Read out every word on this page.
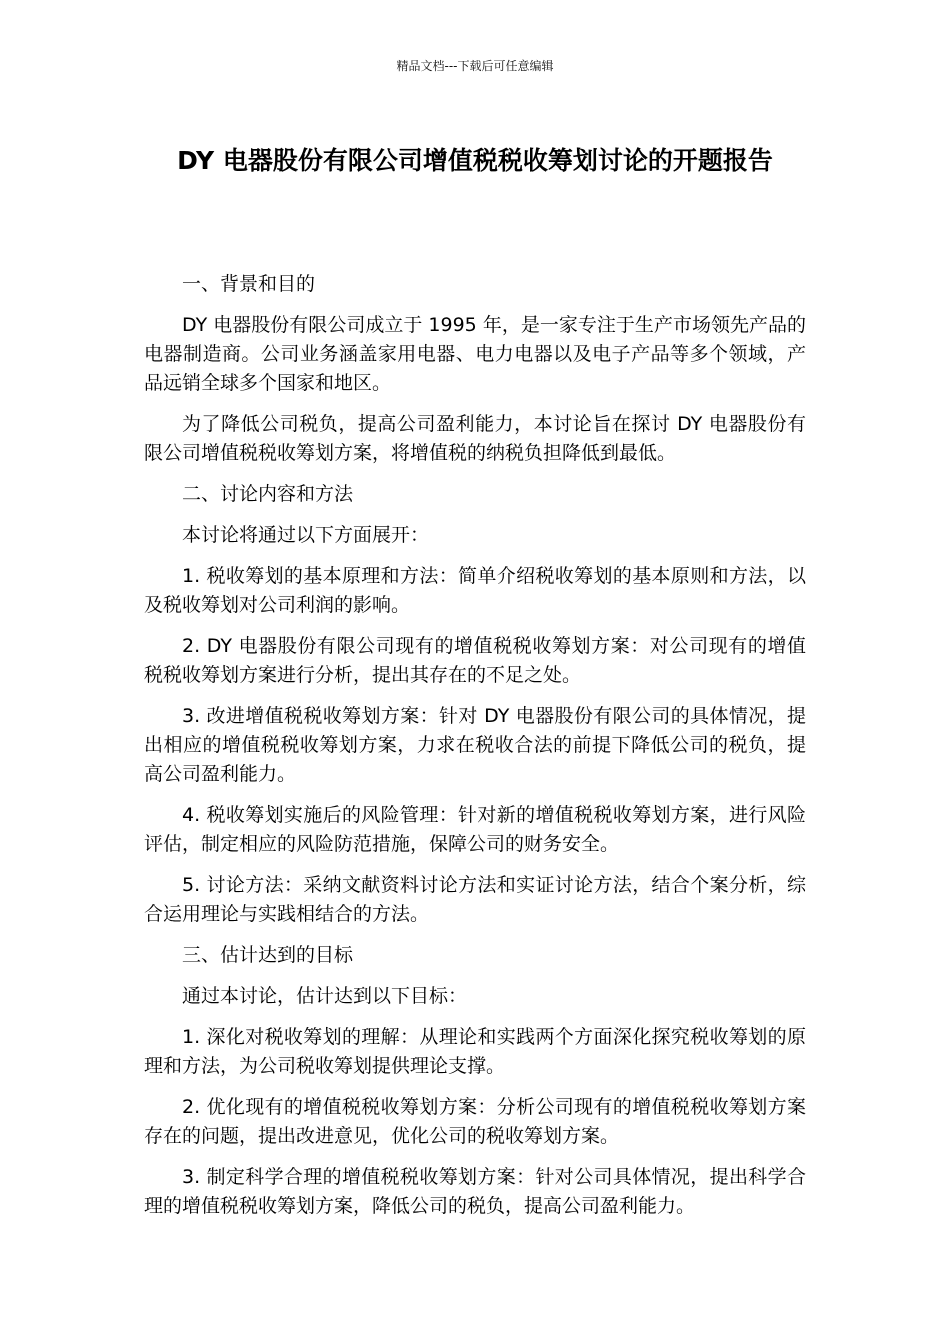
精品文档---下载后可任意编辑
DY 电器股份有限公司增值税税收筹划讨论的开题报告

一、背景和目的

DY 电器股份有限公司成立于 1995 年，是一家专注于生产市场领先产品的电器制造商。公司业务涵盖家用电器、电力电器以及电子产品等多个领域，产品远销全球多个国家和地区。

为了降低公司税负，提高公司盈利能力，本讨论旨在探讨 DY 电器股份有限公司增值税税收筹划方案，将增值税的纳税负担降低到最低。

二、讨论内容和方法

本讨论将通过以下方面展开：

1. 税收筹划的基本原理和方法：简单介绍税收筹划的基本原则和方法，以及税收筹划对公司利润的影响。

2. DY 电器股份有限公司现有的增值税税收筹划方案：对公司现有的增值税税收筹划方案进行分析，提出其存在的不足之处。

3. 改进增值税税收筹划方案：针对 DY 电器股份有限公司的具体情况，提出相应的增值税税收筹划方案，力求在税收合法的前提下降低公司的税负，提高公司盈利能力。

4. 税收筹划实施后的风险管理：针对新的增值税税收筹划方案，进行风险评估，制定相应的风险防范措施，保障公司的财务安全。

5. 讨论方法：采纳文献资料讨论方法和实证讨论方法，结合个案分析，综合运用理论与实践相结合的方法。

三、估计达到的目标

通过本讨论，估计达到以下目标：

1. 深化对税收筹划的理解：从理论和实践两个方面深化探究税收筹划的原理和方法，为公司税收筹划提供理论支撑。

2. 优化现有的增值税税收筹划方案：分析公司现有的增值税税收筹划方案存在的问题，提出改进意见，优化公司的税收筹划方案。

3. 制定科学合理的增值税税收筹划方案：针对公司具体情况，提出科学合理的增值税税收筹划方案，降低公司的税负，提高公司盈利能力。
